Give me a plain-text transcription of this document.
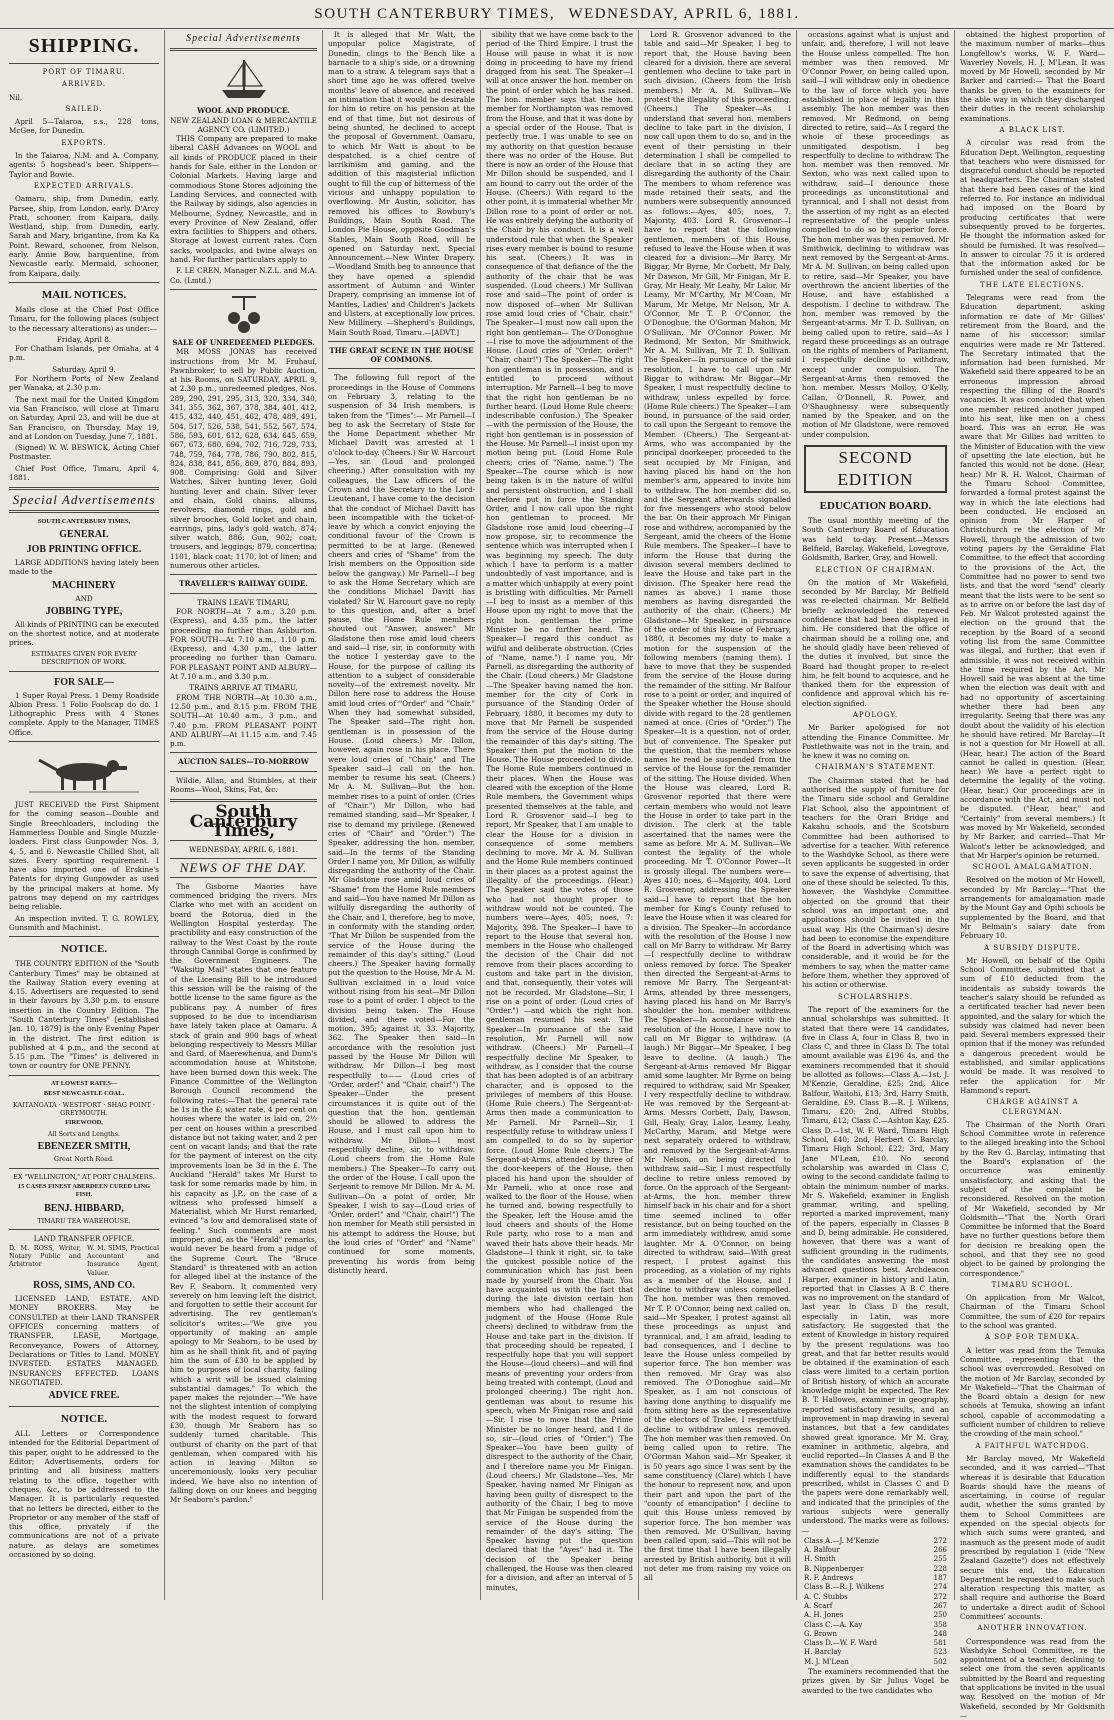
SOUTH CANTERBURY TIMES, WEDNESDAY, APRIL 6, 1881.
SHIPPING.
PORT OF TIMARU.
ARRIVED.

Nil.

SAILED.

April 5—Taiaroa, s.s., 228 tons, McGee, for Dunedin.

EXPORTS.

In the Taiaroa, N.M. and A. Company, agents: 5 hogshead's beer. Shippers—Taylor and Bowie.

EXPECTED ARRIVALS.

Oamaru, ship, from Dunedin, early. Parsee, ship, from London, early. D'Arcy Pratt, schooner, from Kaipara, daily. Westland, ship, from Dunedin, early. Sarah and Mary, brigantine, from Ka Ka Point. Reward, schooner, from Nelson, early. Annie Bow, barquentine, from Newcastle early. Mermaid, schooner, from Kaipara, daily.

MAIL NOTICES.

Mails close at the Chief Post Office Timaru, for the following places (subject to the necessary alterations) as under:—

Friday, April 8.

For Chatham Islands, per Omaha, at 4 p.m.

Saturday, April 9.

For Northern Ports of New Zealand per Wanaka, at 2.30 p.m.

The next mail for the United Kingdom via San Francisco, will close at Timaru on Saturday, April 23, and will be due at San Francisco, on Thursday, May 19, and at London on Tuesday, June 7, 1881.

(Signed) W. W. BESWICK, Acting Chief Postmaster.

Chief Post Office, Timaru, April 4, 1881.

Special Advertisements
SOUTH CANTERBURY TIMES,
GENERAL
JOB PRINTING OFFICE.

LARGE ADDITIONS having lately been made to the

MACHINERY
AND
JOBBING TYPE,

All kinds of PRINTING can be executed on the shortest notice, and at moderate prices.

ESTIMATES GIVEN FOR EVERY DESCRIPTION OF WORK.
FOR SALE—

1 Super Royal Press. 1 Demy Roadside Albion Press. 1 Folio Foolscap do do. 1 Lithographic Press with 4 Stones complete. Apply to the Manager, TIMES Office.

JUST RECEIVED the First Shipment for the coming season—Double and Single Breechloaders, including the Hammerless Double and Single Muzzle-loaders. First class Gunpowder Nos. 3, 4, 5, and 6. Newcastle Chilled Shot, all sizes. Every sporting requirement. I have also imported one of Erskine's Patents for drying Gunpowder as used by the principal makers at home. My patrons may depend on my cartridges being reliable.

An inspection invited. T. G. ROWLEY, Gunsmith and Machinist.

NOTICE.

THE COUNTRY EDITION of the "South Canterbury Times" may be obtained at the Railway Station every evening at 4.15. Advertisers are requested to send in their favours by 3.30 p.m. to ensure insertion in the Country Edition. The "South Canterbury Times" [established Jan. 10, 1879] is the only Evening Paper in the district. The first edition is published at 4 p.m., and the second at 5.15 p.m. The "Times" is delivered in town or country for ONE PENNY.

AT LOWEST RATES—
BEST NEWCASTLE COAL.
KAITANGATA · WESTPORT · SHAG POINT · GREYMOUTH.
FIREWOOD,
All Sorts and Lengths.
EBENEZER SMITH,
Great North Road.
EX "WELLINGTON," AT PORT CHALMERS.
15 CASES FINEST ABERDEEN CURED LING FISH.
BENJ. HIBBARD,
TIMARU TEA WAREHOUSE.
LAND TRANSFER OFFICE.
D. M. ROSS, Writer, Notary Public and Arbitrator
W. M. SIMS, Practical Accountant and Insurance Agent, Valuer.
ROSS, SIMS, AND CO.

LICENSED LAND, ESTATE, AND MONEY BROKERS. May be CONSULTED at their LAND TRANSFER OFFICES concerning matters of TRANSFER, LEASE, Mortgage, Reconveyance, Powers of Attorney, Declarations or Titles to Land. MONEY INVESTED. ESTATES MANAGED. INSURANCES EFFECTED. LOANS NEGOTIATED.

ADVICE FREE.
NOTICE.

ALL Letters or Correspondence intended for the Editorial Department of this paper, ought to be addressed to the Editor; Advertisements, orders for printing and all business matters relating to the office, together with cheques, &c, to be addressed to the Manager. It is particularly requested that no letters be directed, either to the Proprietor or any member of the staff of this office, privately if the communications are not of a private nature, as delays are sometimes occasioned by so doing.

Special Advertisements
WOOL AND PRODUCE.
NEW ZEALAND LOAN & MERCANTILE AGENCY CO. (LIMITED.)

THIS Company are prepared to make liberal CASH Advances on WOOL and all kinds of PRODUCE placed in their hands for Sale, either in the London or Colonial Markets. Having large and commodious Stone Stores adjoining the Landing Services, and connected with the Railway by sidings, also agencies in Melbourne, Sydney, Newcastle, and in every Province of New Zealand, offer extra facilities to Shippers and others. Storage at lowest current rates. Corn sacks, woolpacks, and twine always on hand. For further particulars apply to

F. LE CREN, Manager N.Z.L. and M.A. Co. (Lmtd.)

SALE OF UNREDEEMED PLEDGES.

MR MOSS JONAS has received instructions from Mr M. Fruhauf, Pawnbroker, to sell by Public Auction, at his Rooms, on SATURDAY, APRIL 9, at 2.30 p.m., unredeemed pledges, Nos. 289, 290, 291, 295, 313, 320, 334, 340, 341, 355, 362, 367, 378, 384, 401, 412, 415, 432, 440, 451, 462, 478, 489, 491, 504, 517, 526, 538, 541, 552, 567, 574, 586, 593, 601, 612, 628, 634, 645, 659, 667, 673, 680, 694, 702, 716, 729, 733, 748, 759, 764, 778, 786, 790, 802, 815, 824, 838, 841, 856, 869, 870, 884, 893, 908. Comprising: Gold and Silver Watches, Silver hunting lever, Gold hunting lever and chain, Silver lever and chain, Gold chains, albums, revolvers, diamond rings, gold and silver brooches, Gold locket and chain, earrings, pins, lady's gold watch, 874; silver watch, 886; Gun, 902; coat, trousers, and leggings; 879, concertina; 1101, black coat; 1170, lot of linen; and numerous other articles.

TRAVELLER'S RAILWAY GUIDE.
TRAINS LEAVE TIMARU,

FOR NORTH—At 7 a.m., 3.20 p.m. (Express), and 4.35 p.m., the latter proceeding no further than Ashburton. FOR SOUTH—At 7.10 a.m., 1.10 p.m. (Express), and 4.30 p.m., the latter proceeding no further than Oamaru. FOR PLEASANT POINT AND ALBURY—At 7.10 a.m., and 3.30 p.m.

TRAINS ARRIVE AT TIMARU,

FROM THE NORTH—At 10.30 a.m., 12.50 p.m., and 8.15 p.m. FROM THE SOUTH—At 10.40 a.m., 3 p.m., and 7.40 p.m. FROM PLEASANT POINT AND ALBURY—At 11.15 a.m. and 7.45 p.m.

AUCTION SALES—TO-MORROW

Wildie, Allan, and Stumbles, at their Rooms—Wool, Skins, Fat, &c.

South Canterbury Times,
WEDNESDAY, APRIL 6, 1881.
NEWS OF THE DAY.

The Gisborne Maories have commenced bridging the rivers. Mrs Clarke who met with an accident on board the Rotorua, died in the Wellington Hospital yesterday. The practibility and easy construction of the railway to the West Coast by the route through Cannibal Gorge is confirmed by the Government Engineers. The "Waksitip Mail" states that one feature of the Licensing Bill to be introduced this session will be the raising of the bottle license to the same figure as the publicans pay. A number of fires supposed to be due to incendiarism have lately taken place at Oamaru. A stack of grain and 900 bags of wheat belonging respectively to Messrs Millar and Gard, of Maerewhenua, and Dunn's accommodation house at Whitstone, have been burned down this week. The Finance Committee of the Wellington Borough Council recommend the following rates:—That the general rate be 1s in the £; water rate, 4 per cent on houses where the water is laid on, 2½ per cent on houses within a prescribed distance but not taking water, and 2 per cent on vacant lands; and that the rate for the payment of interest on the city improvements loan be 3d in the £. The Auckland "Herald" takes Mr Hurst to task for some remarks made by him, in his capacity as J.P., on the case of a witness who professed himself a Materialist, which Mr Hurst remarked, evinced "a low and demoralised state of feeling." Such comments are most improper, and, as the "Herald" remarks, would never be heard from a judge of the Supreme Court. The "Bruce Standard" is threatened with an action for alleged libel at the instance of the Rev F. Seaborn. It commented very severely on him leaving left the district, and forgotten to settle their account for advertising. The rev gentleman's solicitor's writes:—"We give you opportunity of making an ample apology to Mr Seaborn, to be used by him as he shall think fit, and of paying him the sum of £30 to be applied by him to purposes of local charity, failing which a writ will be issued claiming substantial damages." To which the paper makes the rejoinder:—"We have not the slightest intention of complying with the modest request to forward £30, though Mr Seaborn has so suddenly turned charitable. This outburst of charity on the part of that gentleman, when compared with his action in leaving Milton so unceremoniously, looks very peculiar indeed. We have also no intention of falling down on our knees and begging Mr Seaborn's pardon."

It is alleged that Mr Watt, the unpopular police Magistrate, of Dunedin, clings to the Bench like a barnacle to a ship's side, or a drowning man to a straw. A telegram says that a short time ago he was offered twelve months' leave of absence, and received an intimation that it would be desirable for him to retire on his pension at the end of that time, but not desirous of being shunted, he declined to accept the proposal of Government. Oamaru, to which Mr Watt is about to be despatched, is a chief centre of larrikinism and gaming, and the addition of this magisterial infliction ought to fill the cup of bitterness of the vicious and unhappy population to overflowing. Mr Austin, solicitor, has removed his offices to Rowbury's Buildings, Main South Road. The London Pie House, opposite Goodman's Stables, Main South Road, will be opened on Saturday next. Special Announcement.—New Winter Drapery.—Woodland Smith beg to announce that they have opened a splendid assortment of Autumn and Winter Drapery, comprising an immense lot of Mantles, Ladies' and Children's Jackets and Ulsters, at exceptionally low prices. New Millinery. —Shepherd's Buildings, Main South Road, Timaru.—[ADVT.]

THE GREAT SCENE IN THE HOUSE OF COMMONS.

The following full report of the proceedings in the House of Commons on February 3, relating to the suspension of 34 Irish members, is taken from the "Times":— Mr Parnell—I beg to ask the Secretary of State for the Home Department whether Mr Michael Davitt was arrested at 1 o'clock to-day. (Cheers.) Sir W. Harcourt—Yes, sir. (Loud and prolonged cheering.) After consultation with my colleagues, the Law officers of the Crown and the Secretary to the Lord-Lieutenant, I have come to the decision that the conduct of Michael Davitt has been incompatible with the ticket-of-leave by which a convict enjoying the conditional favour of the Crown is permitted to be at large. (Renewed cheers and cries of "Shame" from the Irish members on the Opposition side below the gangway.) Mr Parnell—I beg to ask the Home Secretary which are the conditions Michael Davitt has violated? Sir W. Harcourt gave no reply to this question, and, after a brief pause, the Home Rule members shouted out "Answer, answer." Mr Gladstone then rose amid loud cheers and said—I rise, sir, in conformity with the notice I yesterday gave to the House, for the purpose of calling its attention to a subject of considerable novelty—of the extremest novelty. Mr Dillon here rose to address the House amid loud cries of "Order" and "Chair." When they had somewhat subsided, The Speaker said—The right hon. gentleman is in possession of the House. (Loud cheers.) Mr Dillon, however, again rose in his place. There were loud cries of "Chair," and The Speaker said—I call on the hon. member to resume his seat. (Cheers.) Mr A. M. Sullivan—But the hon. member rises to a point of order. (Cries of "Chair.") Mr Dillon, who had remained standing, said—Mr Speaker, I rise to demand my privilege. (Renewed cries of "Chair" and "Order.") The Speaker, addressing the hon. member, said—In the terms of the Standing Order I name you, Mr Dillon, as wilfully disregarding the authority of the Chair. Mr Gladstone rose amid loud cries of "Shame" from the Home Rule members and said—You have named Mr Dillon as wilfully disregarding the authority of the Chair, and I, therefore, beg to move, in conformity with the standing order, "That Mr Dillon be suspended from the service of the House during the remainder of this day's sitting." (Loud cheers.) The Speaker having formally put the question to the House, Mr A. M. Sullivan exclaimed in a loud voice without rising from his seat—Mr Dillon rose to a point of order. I object to the division being taken. The House divided, and there voted—For the motion, 395; against it, 33. Majority, 362. The Speaker then said—In accordance with the resolution just passed by the House Mr Dillon will withdraw. Mr Dillon—I beg most respectfully to—— (Loud cries of "Order, order!" and "Chair, chair!") The Speaker—Under the present circumstances it is quite out of the question that the hon. gentleman should be allowed to address the House, and I must call upon him to withdraw. Mr Dillon—I most respectfully decline, sir, to withdraw. (Loud cheers from the Home Rule members.) The Speaker—To carry out the order of the House, I call upon the Serjeant to remove Mr Dillon. Mr A. M. Sullivan—On a point of order, Mr Speaker, I wish to say—(Loud cries of "Order, order!" and "Chair, chair!") The hon member for Meath still persisted in his attempt to address the House, but the loud cries of "Order" and "Name" continued for some moments, preventing his words from being distinctly heard.

sibility that we have come back to the period of the Third Empire. I trust the House will pause in what it is now doing in proceeding to have my friend dragged from his seat. The Speaker—I will at once answer the hon. member on the point of order which he has raised. The hon. member says that the hon. member for Northampton was removed from the House, and that it was done by a special order of the House. That is perfectly true. I was unable to see on my authority on that question because there was no order of the House. But there is now an order of the House that Mr Dillon should be suspended, and I am bound to carry out the order of the House. (Cheers.) With regard to the other point, it is immaterial whether Mr Dillon rose to a point of order or not. He was entirely defying the authority of the Chair by his conduct. It is a well understood rule that when the Speaker rises every member is bound to resume his seat. (Cheers.) It was in consequence of that defiance of the the authority of the chair that he was suspended. (Loud cheers.) Mr Sullivan rose and said—The point of order is now disposed of—when Mr Sullivan rose amid loud cries of "Chair, chair." The Speaker—I must now call upon the right hon gentleman— The O'Donoghue—I rise to move the adjournment of the House. (Loud cries of "Order, order!" "Chair, chair!") The Speaker—The right hon gentleman is in possession, and is entitled to proceed without interruption. Mr Parnell—I beg to move that the right hon gentleman be no further heard. (Loud Home Rule cheers: indescribable confusion.) The Speaker—with the permission of the House, the right hon gentleman is in possession of the House. Mr Parnell—I insist upon my motion being put. (Loud Home Rule cheers; cries of "Name, name.") The Speaker—The course which is now being taken is in the nature of wilful and persistent obstruction, and I shall therefore put in force the Standing Order, and I now call upon the right hon gentleman to proceed. Mr Gladstone rose amid loud cheering—I now propose, sir, to recommence the sentence which was interrupted when I was beginning my speech. The duty which I have to perform is a matter undoubtedly of vast importance, and is a matter which unhappily at every point is bristling with difficulties. Mr Parnell—I beg to insist as a member of this House upon my right to move that the right hon. gentleman the prime Minister be no further heard. The Speaker—I regard this conduct as wilful and deliberate obstruction. (Cries of "Name, name.") I name you, Mr Parnell, as disregarding the authority of the Chair. (Loud cheers.) Mr Gladstone—The Speaker having named the hon. member for the city of Cork in pursuance of the Standing Order of February, 1880, it becomes my duty to move that Mr Parnell be suspended from the service of the House during the remainder of this day's sitting. The Speaker then put the motion to the House. The House proceeded to divide. The Home Rule members continued in their places. When the House was cleared with the exception of the Home Rule members, the Government whips presented themselves at the table, and Lord R. Grosvenor said—I beg to report, Mr Speaker, that I am unable to clear the House for a division in consequence of some members declining to move. Mr A. M. Sullivan and the Home Rule members continued in their places as a protest against the illegality of the proceedings. (Hear.) The Speaker said the votes of those who had not thought proper to withdraw would not be counted. The numbers were—Ayes, 405; noes, 7: Majority, 398. The Speaker—I have to report to the House that several hon. members in the House who challenged the decision of the Chair did not remove from their places according to custom and take part in the division, and that, consequently, their votes will not be recorded. Mr Gladstone—Sir, I rise on a point of order. (Loud cries of "Order.") —and which the right hon. gentleman resumed his seat. The Speaker—In pursuance of the said resolution, Mr Parnell will now withdraw. (Cheers.) Mr Parnell—I respectfully decline Mr Speaker, to withdraw, as I consider that the course that has been adopted is of an arbitrary character, and is opposed to the privileges of members of this House. (Home Rule cheers.) The Sergeant-at-Arms then made a communication to Mr Parnell. Mr Parnell—Sir, I respectfully refuse to withdraw unless I am compelled to do so by superior force. (Loud Home Rule cheers.) The Sergeant-at-Arms, attended by three of the door-keepers of the House, then placed his hand upon the shoulder of Mr Parnell, who at once rose and walked to the floor of the House, when he turned and, bowing respectfully to the Speaker, left the House amid the loud cheers and shouts of the Home Rule party, who rose to a man and waved their hats above their heads. Mr Gladstone—I think it right, sir, to take the quickest possible notice of the communication which has just been made by yourself from the Chair. You have acquainted us with the fact that during the late division certain hon members who had challenged the judgment of the House (Home Rule cheers) declined to withdraw from the House and take part in the division. If that proceeding should be repeated, I respectfully hope that you will support the House—(loud cheers)—and will find means of preventing your orders from being treated with contempt, (Loud and prolonged cheering.) The right hon. gentleman was about to resume his speech, when Mr Finigan rose and said—Sir, I rise to move that the Prime Minister be no longer heard, and I do so, sir—(loud cries of "Order.") The Speaker—You have been guilty of disrespect to the authority of the Chair, and I therefore name you Mr Finigan. (Loud cheers.) Mr Gladstone—Yes, Mr Speaker, having named Mr Finigan as having been guilty of disrespect to the authority of the Chair, I beg to move that Mr Finigan be suspended from the service of the House during the remainder of the day's sitting. The Speaker having put the question declared that the "Ayes" had it. The decision of the Speaker being challenged, the House was then cleared for a division, and after an interval of 5 minutes,

Lord R. Grosvenor advanced to the table and said—Mr Speaker, I beg to report that, the House having been cleared for a division, there are several gentlemen who decline to take part in such division. (Cheers from the Irish members.) Mr A. M. Sullivan—We protest the illegality of this proceeding. (Cheers.) The Speaker—As I understand that several hon. members decline to take part in the division, I now call upon them to do so, and in the event of their persisting in their determination I shall be compelled to declare that in so acting they are disregarding the authority of the Chair. The members to whom reference was made retained their seats, and the numbers were subsequently announced as follows:—Ayes, 405; noes, 7. Majority, 403. Lord R. Grosvenor—I have to report that the following gentlemen, members of this House, refused to leave the House when it was cleared for a division:—Mr Barry, Mr Biggar, Mr Byrne, Mr Corbett, Mr Daly, Mr Dawson, Mr Gill, Mr Finigan, Mr E. Gray, Mr Healy, Mr Leahy, Mr Lalor, Mr Leamy, Mr M'Carthy, Mr M'Coan, Mr Marum, Mr Metge, Mr Nelson, Mr A. O'Connor, Mr T. P. O'Connor, the O'Donoghue, the O'Gorman Mahon, Mr O'Sullivan, Mr O'Connor Power, Mr Redmond, Mr Sexton, Mr Smithwick, Mr A. M. Sullivan, Mr T. D. Sullivan. The Speaker—In pursuance of the said resolution, I have to call upon Mr Biggar to withdraw. Mr Biggar—Mr Speaker, I must respectfully decline to withdraw, unless expelled by force. (Home Rule cheers.) The Speaker—I am bound, in pursuance of the said order, to call upon the Sergeant to remove the Member. (Cheers.) The Sergeant-at-Arms, who was accompanied by the principal doorkeeper, proceeded to the seat occupied by Mr Finigan, and having placed his hand on the hon member's arm, appeared to invite him to withdraw. The hon member did so, and the Sergeant afterwards signalled for five messengers who stood below the bar. On their approach Mr Finigan rose and withdrew, accompanied by the Sergeant, amid the cheers of the Home Rule members. The Speaker—I have to inform the House that during the division several members declined to leave the House and take part in the division. (The Speaker here read the names as above.) I name those members as having disregarded the authority of the chair. (Cheers.) Mr Gladstone—Mr Speaker, in pursuance of the order of this House of February, 1880, it becomes my duty to make a motion for the suspension of the following members (naming them). I have to move that they be suspended from the service of the House during the remainder of the sitting. Mr Balfour rose to a point or order, and inquired of the Speaker whether the House should divide with regard to the 28 gentlemen named at once. (Cries of "Order.") The Speaker—It is a question, not of order, but of convenience. The Speaker put the question, that the members whose names he read be suspended from the service of the House for the remainder of the sitting. The House divided. When the House was cleared, Lord R. Grosvenor reported that there were certain members who would not leave the House in order to take part in the division. The clerk at the table ascertained that the names were the same as before. Mr A. M. Sullivan—We contest the legality of the whole proceeding. Mr T. O'Connor Power—It is grossly illegal. The numbers were—Ayes 410; noes, 6—Majority, 404. Lord R. Grosvenor, addressing the Speaker said—I have to report that the hon member for King's County refused to leave the House when it was cleared for a division. The Speaker—In accordance with the resolution of the House I now call on Mr Barry to withdraw. Mr Barry—I respectfully decline to withdraw unless removed by force. The Speaker then directed the Sergeant-at-Arms to remove Mr Barry. The Sergeant-at-Arms, attended by three messengers, having placed his hand on Mr Barry's shoulder the hon. member withdrew. The Speaker—In accordance with the resolution of the House, I have now to call on Mr Biggar to withdraw. (A laugh.) Mr Biggar—Mr Speaker, I beg leave to decline. (A laugh.) The Sergeant-at-Arms removed Mr Biggar amid some laughter. Mr Byrne on being required to withdraw, said Mr Speaker, I very respectfully decline to withdraw. He was removed by the Sergeant-at-Arms. Messrs Corbett, Daly, Dawson, Gill, Healy, Gray, Lalor, Leamy, Leahy, McCarthy, Marum, and Metge were next separately ordered to withdraw, and removed by the Sergeant-at-Arms. Mr Nelson, on being directed to withdraw, said—Sir, I must respectfully decline to retire unless removed by force. On the approach of the Sergeant-at-Arms, the hon. member threw himself back in his chair and for a short time seemed inclined to offer resistance, but on being touched on the arm immediately withdrew, amid some laughter. Mr A. O'Connor, on being directed to withdraw, said—With great respect, I protest against this proceeding, as a violation of my rights as a member of the House, and I decline to withdraw unless compelled. The hon. member was then removed. Mr T. P. O'Connor, being next called on, said—Mr Speaker, I protest against all these proceedings as unjust and tyrannical, and, I am afraid, leading to bad consequences, and I decline to leave the House unless compelled by superior force. The hon member was then removed. Mr Gray was also removed. The O'Donoghue said—Mr Speaker, as I am not conscious of having done anything to disqualify me from sitting here as the representative of the electors of Tralee, I respectfully decline to withdraw unless removed. The hon member was then removed. On being called upon to retire, The O'Gorman Mahon said—Mr Speaker, it is 50 years ago since I was sent by the same constituency (Clare) which I have the honour to represent now, and upon their part and upon the part of the "county of emancipation" I decline to quit this House unless removed by superior force. The hon member was then removed. Mr O'Sullivan, having been called upon, said—This will not be the first time that I have been illegally arrested by British authority, but it will not deter me from raising my voice on all

occasions against what is unjust and unfair, and, therefore, I will not leave the House unless compelled. The hon member was then removed. Mr O'Connor Power, on being called upon, said—I will withdraw only in obedience to the law of force which you have established in place of legality in this assembly. The hon member was then removed. Mr Redmond, on being directed to retire, said—As I regard the whole of these proceedings as unmitigated despotism, I beg respectfully to decline to withdraw. The hon. member was then removed. Mr Sexton, who was next called upon to withdraw, said—I denounce these proceedings as unconstitutional and tyrannical, and I shall not desist from the assertion of my right as an elected representative of the people unless compelled to do so by superior force. The hon member was then removed. Mr Smithwick, declining to withdraw was next removed by the Sergeant-at-Arms. Mr A. M. Sullivan, on being called upon to retire, said—Mr Speaker, you have overthrown the ancient liberties of the House, and have established a despotism. I decline to withdraw. The hon. member was removed by the Sergeant-at-arms. Mr T. D. Sullivan, on being called upon to retire, said—As I regard these proceedings as an outrage on the rights of members of Parliament, I respectfully decline to withdraw, except under compulsion. The Sergeant-at-Arms then removed the hon. member. Messrs Molloy, O'Kelly, Callan, O'Donnell, R. Power, and O'Shaughnessy were subsequently named by the Speaker, and on the motion of Mr Gladstone, were removed under compulsion.

SECOND EDITION
EDUCATION BOARD.

The usual monthly meeting of the South Canterbury Board of Education was held to-day. Present—Messrs Belfield, Barclay, Wakefield, Lovegrove, Goldsmith, Barker, Gray, and Howell.

ELECTION OF CHAIRMAN.

On the motion of Mr Wakefield, seconded by Mr Barclay, Mr Belfield was re-elected chairman. Mr Belfield briefly acknowledged the renewed confidence that had been displayed in him. He considered that the office of chairman should be a rolling one, and he should gladly have been relieved of the duties it involved, but since the Board had thought proper to re-elect him, he felt bound to acquiesce, and he thanked them for the expression of confidence and approval which his re-election signified.

APOLOGY.

Mr Barker apologised for not attending the Finance Committee. Mr Postlethwaite was not in the train, and he knew it was no coming on.

CHAIRMAN'S STATEMENT.

The Chairman stated that he had authorised the supply of furniture for the Timaru side school and Geraldine Flat School, also the appointment of teachers for the Orari Bridge and Kakahu schools, and the Scotsburn Committee had been authorised to advertise for a teacher. With reference to the Washdyke School, as there were seven applicants he suggested in order to save the expense of advertising, that one of these should be selected. To this, however, the Washdyke Committee objected on the ground that their school was an important one, and applications should be invited in the usual way. His (the Chairman's) desire had been to economise the expenditure of the Board in advertising which was considerable, and it would be for the members to say, when the matter came before them, whether they approved of his action or otherwise.

SCHOLARSHIPS.

The report of the examiners for the annual scholarships was submitted. It stated that there were 14 candidates, five in Class A, four in Class B, two in Class C, and three in Class D. The total amount available was £196 4s, and the examiners recommended that it should be allotted as follows:—Class A.—1st, J. M'Kenzie, Geraldine, £25; 2nd, Alice Balfour, Waitohi, £13; 3rd, Harry Smith, Geraldine, £9. Class B.—R. J. Wilkens, Timaru, £20; 2nd, Alfred Stubbs, Timaru, £12; Class C.—Ashton Kay, £25. Class D.—1st, W. F. Ward, Timaru High School, £40; 2nd, Herbert C. Barclay, Timaru High School, £22; 3rd, Mary Jane M'Lean, £10. No second scholarship was awarded in Class C, owing to the second candidate failing to obtain the minimum number of marks. Mr S. Wakefield, examiner in English grammar, writing, and spelling, reported a marked improvement, many of the papers, especially in Classes B and D, being admirable. He considered, however, that there was a want of sufficient grounding in the rudiments, the candidates answering the most advanced questions best. Archdeacon Harper, examiner in history and Latin, reported that in Classes A B C there was no improvement on the standard of last year. In Class D the result, especially in Latin, was more satisfactory. He suggested that the extent of Knowledge in history required by the present regulations was too great, and that far better results would be obtained if the examination of each class were limited to a certain portion of British history, of which an accurate knowledge might be expected. The Rev B. T. Hallowes, examiner in geography, reported satisfactory results, and an improvement in map drawing in several instances, but that a few candidates showed great ignorance. Mr M. Gray, examiner in arithmetic, algebra, and euclid reported—In Classes A and B the examination shows the candidates to be indifferently equal to the standards prescribed, whilst in Classes C and D the papers were done remarkably well, and indicated that the principles of the various subjects were generally understood. The marks were as follows:—

Class A.—J. M'Kenzie	272
A. Balfour	266
H. Smith	255
B. Nippenberger	228
R. F. Andrews	187
Class B.—R. J. Wilkens	274
A. C. Stubbs	272
A. Scarf	267
A. H. Jones	250
Class C.—A. Kay	358
G. Brown	248
Class D.—W. F. Ward	581
H. Barclay	523
M. J. M'Lean	502

The examiners recommended that the prizes given by Sir Julius Vogel be awarded to the two candidates who

obtained the highest proportion of the maximum number of marks—thus Longfellow's works, W. F. Ward—Waverley Novels, H. J. M'Lean. It was moved by Mr Howell, seconded by Mr Barker and carried:— That the Board thanks be given to the examiners for the able way in which they discharged their duties in the recent scholarship examinations.

A BLACK LIST.

A circular was read from the Education Dept, Wellington, requesting that teachers who were dismissed for disgraceful conduct should be reported at headquarters. The Chairman stated that there had been cases of the kind referred to. For instance an individual had imposed on the Board by producing certificates that were subsequently proved to be forgeries. He thought the information asked for should be furnished. It was resolved—In answer to circular 75 it is ordered that the information asked for be furnished under the seal of confidence.

THE LATE ELECTIONS.

Telegrams were read from the Education department, asking information re date of Mr Gillies' retirement from the Board, and the name of his successor; similar enquiries were made re Mr Tattered. The Secretary intimated that the information had been furnished. Mr Wakefield said there appeared to be an erroneous impression abroad respecting the filling of the Board's vacancies. It was concluded that when one member retired another jumped into his seat, like men on a chess board. This was an error. He was aware that Mr Gillies had written to the Minister of Education with the view of upsetting the late election, but he fancied this would not be done. (Hear, hear.) Mr R. H. Walcot, Chairman of the Timaru School Committee, forwarded a formal protest against the way in which the late elections had been conducted. He enclosed an opinion from Mr Harper of Christchurch re the election of Mr Howell, through the admission of two voting papers by the Geraldine Flat Committee, to the effect that according to the provisions of the Act, the Committee had no power to send two lists, and that the word "send" clearly meant that the lists were to be sent so as to arrive on or before the last day of Feb. Mr Walcot protested against the election on the ground that the reception by the Board of a second voting list from the same Committee was illegal, and further, that even if admissible, it was not received within the time required by the Act. Mr Howell said he was absent at the time when the election was dealt with and had no opportunity of ascertaining whether there had been any irregularity. Seeing that there was any doubt about the validity of his election he should have retired. Mr Barclay—It is not a question for Mr Howell at all. (Hear, hear.) The action of the Board cannot be called in question. (Hear, hear.) We have a perfect right to determine the legality of the voting. (Hear, hear.) Our proceedings are in accordance with the Act, and must not be disputed. ("Hear, hear," and "Certainly" from several members.) It was moved by Mr Wakefield, seconded by Mr Barker, and carried—That Mr Walcot's letter be acknowledged, and that Mr Harper's opinion be returned.

SCHOOL AMALGAMATION.

Resolved on the motion of Mr Howell, seconded by Mr Barclay—"That the arrangements for amalgamation made by the Mount Gay and Opihi schools be supplemented by the Board, and that Mr Belmain's salary date from February 10.

A SUBSIDY DISPUTE.

Mr Howell, on behalf of the Opihi School Committee, submitted that a sum of £10 deducted from the incidentals as subsidy towards the teacher's salary should be refunded as a certificated teacher had never been appointed, and the salary for which the subsidy was claimed had never been paid. Several members expressed their opinion that if the money was refunded a dangerous precedent would be established, and similar applications would be made. It was resolved to refer the application for Mr Hammond's report.

CHARGE AGAINST A CLERGYMAN.

The Chairman of the North Orari School Committee wrote in reference to the alleged breaking into the School by the Rev G. Barclay, intimating that the Board's explanation of the occurrence was eminently unsatisfactory, and asking that the subject of the complaint be reconsidered. Resolved on the motion of Mr Wakefield, seconded by Mr Goldsmith—"That the North Orari Committee be informed that the Board have no further questions before them for decision re breaking open the school, and that they see no good object to be gained by prolonging the correspondence."

TIMARU SCHOOL.

On application from Mr Walcot, Chairman of the Timaru School Committee, the sum of £20 for repairs to the school was granted.

A SOP FOR TEMUKA.

A letter was read from the Temuka Committee, representing that the school was overcrowded. Resolved on the motion of Mr Barclay, seconded by Mr Wakefield—"That the Chairman of the Board obtain a design for new schools at Temuka, showing an infant school, capable of accommodating a sufficient number of children to relieve the crowding of the main school."

A FAITHFUL WATCHDOG.

Mr Barclay moved, Mr Wakefield seconded, and it was carried—"That whereas it is desirable that Education Boards should have the means of ascertaining, in course of regular audit, whether the sums granted by them to School Committees are expended on the special objects for which such sums were granted, and inasmuch as the present mode of audit prescribed by regulation 1 (vide "New Zealand Gazette") does not effectively secure this end, the Education Department be requested to make such alteration respecting this matter, as shall require and authorise the Board to undertake a direct audit of School Committees' accounts.

ANOTHER INNOVATION.

Correspondence was read from the Washdyke School Committee, re the appointment of a teacher, declining to select one from the seven applicants submitted by the Board and requesting that applications be invited in the usual way. Resolved on the motion of Mr Wakefield, seconded by Mr Goldsmith—
